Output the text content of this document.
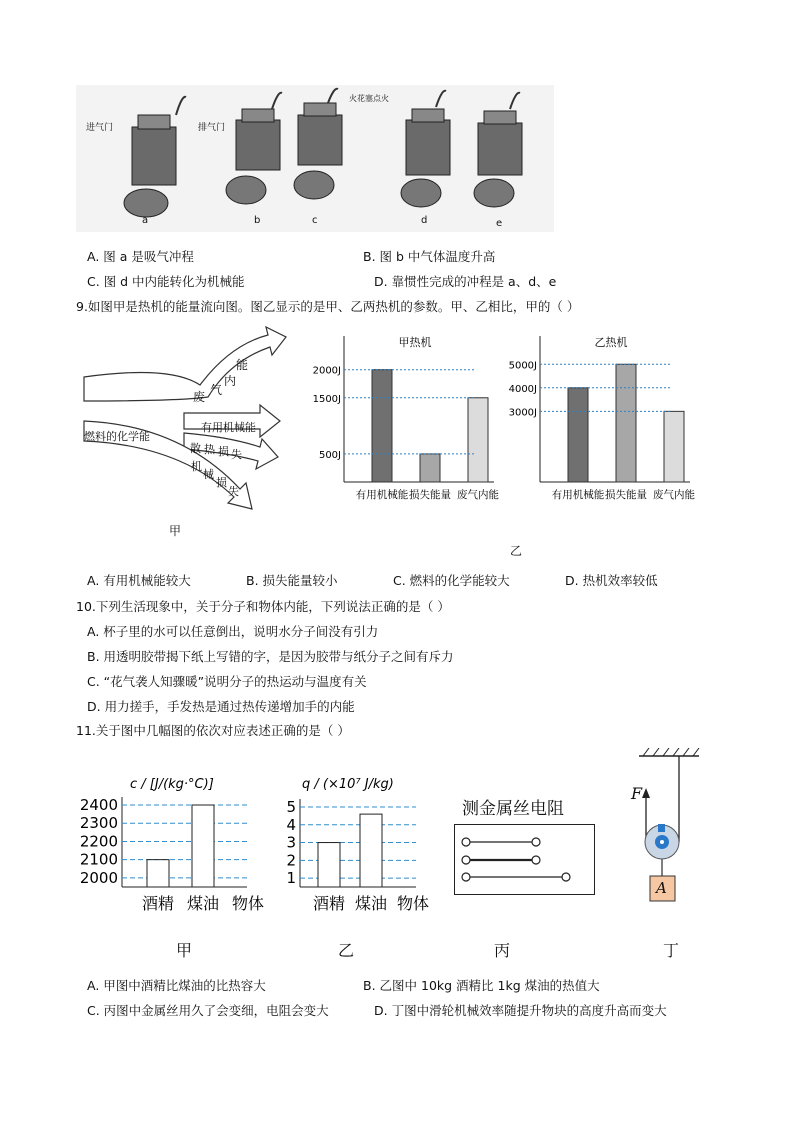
进气门	排气门
火花塞点火
a	b	c	d	e
A. 图 a 是吸气冲程	B. 图 b 中气体温度升高
C. 图 d 中内能转化为机械能	D. 靠惯性完成的冲程是 a、d、e
9.如图甲是热机的能量流向图。图乙显示的是甲、乙两热机的参数。甲、乙相比，甲的（ ）
燃料的化学能
废 气
内
能
有用机械能
散 热 损 失
机
械
损
失
甲
甲热机
有用机械能 损失能量 废气内能
2000J
1500J
500J
乙热机
有用机械能 损失能量 废气内能
5000J
4000J
3000J
乙
A. 有用机械能较大	B. 损失能量较小	C. 燃料的化学能较大	D. 热机效率较低
10.下列生活现象中，关于分子和物体内能，下列说法正确的是（ ）
A. 杯子里的水可以任意倒出，说明水分子间没有引力
B. 用透明胶带揭下纸上写错的字，是因为胶带与纸分子之间有斥力
C. “花气袭人知骤暖”说明分子的热运动与温度有关
D. 用力搓手，手发热是通过热传递增加手的内能
11.关于图中几幅图的依次对应表述正确的是（ ）
c / [J/(kg·°C)]
2000
2100
2200
2300
2400
酒精 煤油 物体
q / (×10⁷ J/kg)
1
2
3
4
5
酒精 煤油 物体
测金属丝电阻
F
A
甲	乙	丙	丁
A. 甲图中酒精比煤油的比热容大	B. 乙图中 10kg 酒精比 1kg 煤油的热值大
C. 丙图中金属丝用久了会变细，电阻会变大	D. 丁图中滑轮机械效率随提升物块的高度升高而变大
